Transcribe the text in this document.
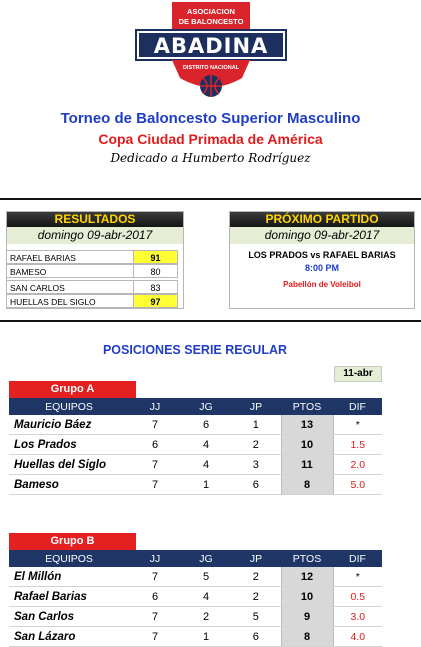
ASOCIACION
DE BALONCESTO
ABADINA
DISTRITO NACIONAL
Torneo de Baloncesto Superior Masculino
Copa Ciudad Primada de América
Dedicado a Humberto Rodríguez
RESULTADOS
domingo 09-abr-2017
RAFAEL BARIAS	91
BAMESO	80
SAN CARLOS	83
HUELLAS DEL SIGLO	97
PRÓXIMO PARTIDO
domingo 09-abr-2017
LOS PRADOS vs RAFAEL BARIAS
8:00 PM
Pabellón de Voleibol
POSICIONES SERIE REGULAR
11-abr
Grupo A
EQUIPOS	JJ	JG	JP	PTOS	DIF
Mauricio Báez	7	6	1	13	*
Los Prados	6	4	2	10	1.5
Huellas del Siglo	7	4	3	11	2.0
Bameso	7	1	6	8	5.0
Grupo B
EQUIPOS	JJ	JG	JP	PTOS	DIF
El Millón	7	5	2	12	*
Rafael Barias	6	4	2	10	0.5
San Carlos	7	2	5	9	3.0
San Lázaro	7	1	6	8	4.0
